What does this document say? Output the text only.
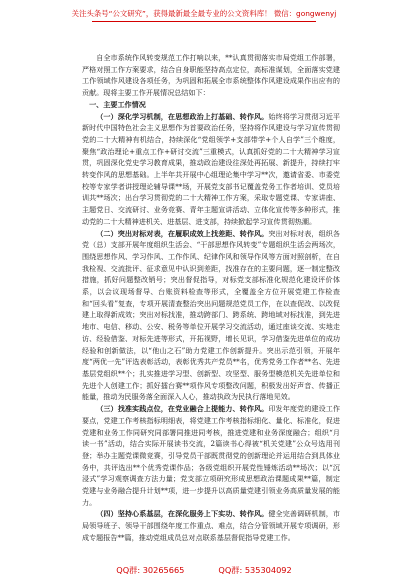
关注头条号“公文研究”，获得最新最全最专业的公文资料库！ 微信：gongwenyj

自全市系统作风转变规范工作打响以来，**认真贯彻落实市局党组工作部署，严格对照工作方案要求，结合自身职能坚持高点定位，高标准谋划，全面落实党建工作领域作风建设各项任务，为巩固和拓展全市系统整体作风建设成果作出应有的贡献。现将主要工作开展情况总结如下：

一、主要工作情况

（一）深化学习机制，在思想政治上打基础、转作风。始终将学习贯彻习近平新时代中国特色社会主义思想作为首要政治任务，坚持将作风建设与学习宣传贯彻党的二十大精神有机结合，持续深化“党组领学+支部带学+个人自学”三个维度，聚焦“政治理论+重点工作+研讨交流”三重模式，认真抓好党的二十大精神学习宣贯，巩固深化党史学习教育成果，推动政治建设往深处再拓展、新提升，持续打牢转变作风的思想基础。上半年共开展中心组理论集中学习**次，邀请省委、市委党校等专家学者讲授理论辅导课**场，开展党支部书记覆盖党务工作者培训、党员培训共**场次；出台学习贯彻党的二十大精神工作方案，采取专题党课、专家讲座、主题党日、交流研讨、业务竞赛、青年主题宣讲活动、立体化宣传等多种形式，推动党的二十大精神进机关、进基层、进支部，持续掀起学习宣传贯彻热潮。

（二）突出对标对表，在履职成效上找差距、转作风。突出对标对表，组织各党（总）支部开展年度组织生活会、“干部思想作风转变”专题组织生活会两场次，围绕思想作风、学习作风、工作作风、纪律作风和领导作风等方面对照剖析，在自我检视、交流批评、征求意见中认识到差距，找准存在的主要问题，逐一制定整改措施，抓好问题整改销号；突出督促指导，对标党支部标准化规范化建设评价体系，以会议现场督导、台账资料检查等形式，全覆盖全方位开展党建工作检查和“回头看”复查，专项开展清查整治突出问题规范党员工作，在以查促改、以改促建上取得新成效；突出对标找准，推动跨部门、跨系统、跨地域对标找准，到先进地市、电信、移动、公安、税务等单位开展学习交流活动，通过座谈交流、实地走访、经验借鉴、对标先进等形式，开拓视野，增长见识，学习借鉴先进单位的成功经验和创新做法，以“他山之石”助力党建工作创新提升。突出示范引领，开展年度“两优一先”评选表彰活动，表彰优秀共产党员**名，优秀党务工作者**名、先进基层党组织**个；扎实推进学习型、创新型、攻坚型、服务型模范机关先进单位和先进个人创建工作；抓好擂台赛**项作风专项整改问题，积极发出好声音、传播正能量，推动为民服务落全面深入人心，推动执政为民执行落地见效。

（三）找准实践点位，在党业融合上提能力、转作风。印发年度党的建设工作要点，党建工作考核指标明细表，将党建工作考核指标细化、量化、标准化，促进党建和业务工作同研究同部署同推进同考核，推进党建和业务深度融合；组织“月读一书”活动，结合实际开展读书交流，2篇读书心得被“机关党建”公众号选用刊登；举办主题党课微竞赛，引导党员干部既贯彻党的创新理论并运用结合到具体业务中，共评选出**个优秀党课作品；各级党组织开展党性锤炼活动**场次；以“沉浸式”学习观察调查方法力量；党支部立项研究形成思想政治课题成果**篇，制定党建与业务融合提升计划**项，进一步提升以高质量党建引领业务高质量发展的能力。

（四）坚持心系基层，在深化服务上下实功、转作风。健全完善调研机制，市局领导班子、领导干部围绕年度工作重点、难点，结合分管领域开展专项调研，形成专题报告**篇，推动党组成员总对点联系基层督促指导党建工作。

QQ群: 30265665	QQ群: 535304092
